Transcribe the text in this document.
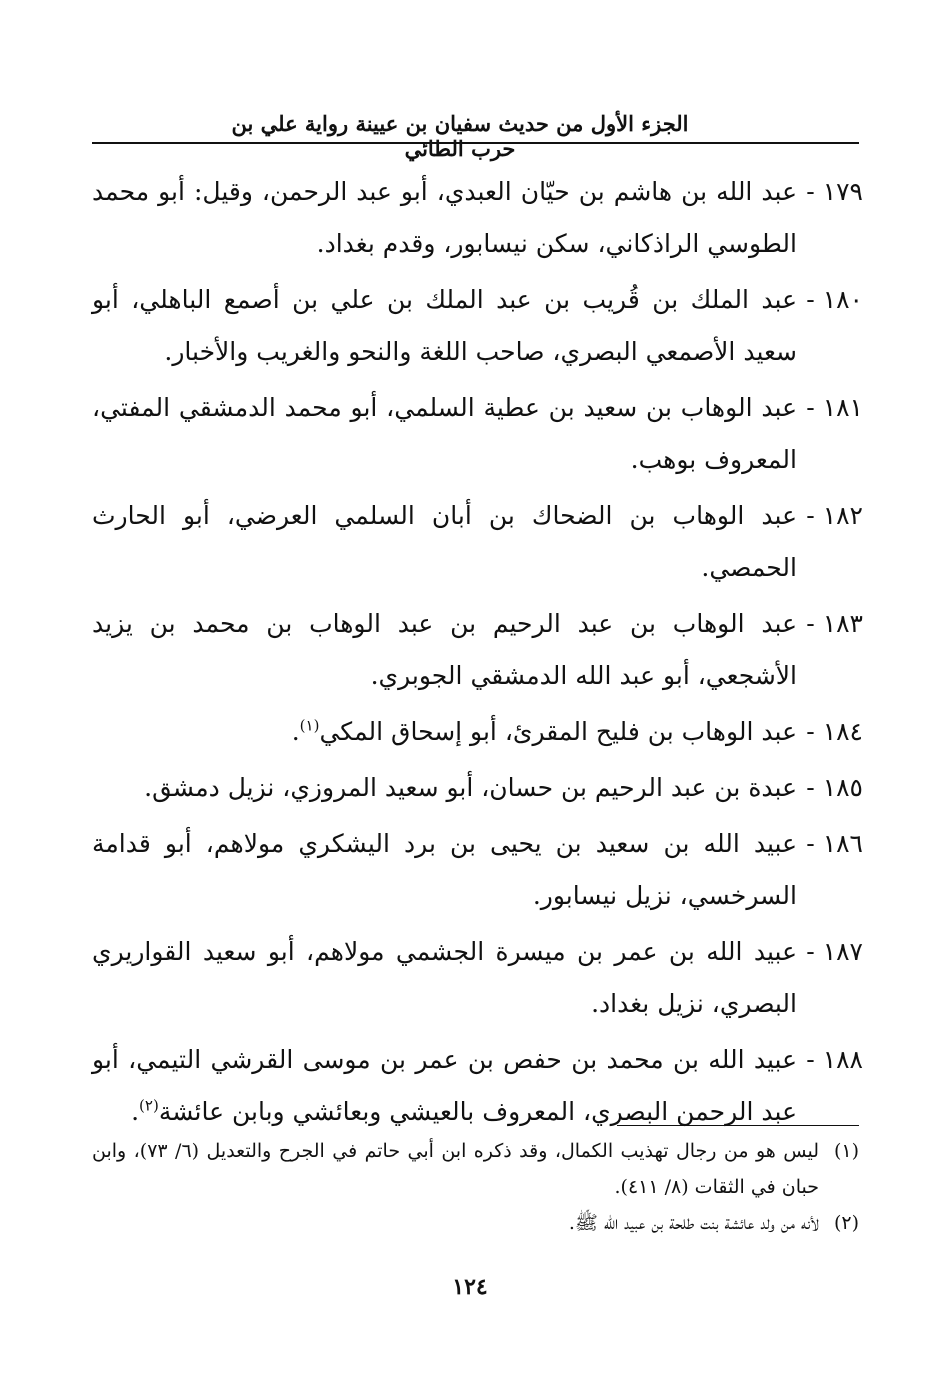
الجزء الأول من حديث سفيان بن عيينة رواية علي بن حرب الطائي
١٧٩ -
عبد الله بن هاشم بن حيّان العبدي، أبو عبد الرحمن، وقيل: أبو محمد الطوسي الراذكاني، سكن نيسابور، وقدم بغداد.
١٨٠ -
عبد الملك بن قُريب بن عبد الملك بن علي بن أصمع الباهلي، أبو سعيد الأصمعي البصري، صاحب اللغة والنحو والغريب والأخبار.
١٨١ -
عبد الوهاب بن سعيد بن عطية السلمي، أبو محمد الدمشقي المفتي، المعروف بوهب.
١٨٢ -
عبد الوهاب بن الضحاك بن أبان السلمي العرضي، أبو الحارث الحمصي.
١٨٣ -
عبد الوهاب بن عبد الرحيم بن عبد الوهاب بن محمد بن يزيد الأشجعي، أبو عبد الله الدمشقي الجوبري.
١٨٤ -
عبد الوهاب بن فليح المقرئ، أبو إسحاق المكي$^{(١)}$.
١٨٥ -
عبدة بن عبد الرحيم بن حسان، أبو سعيد المروزي، نزيل دمشق.
١٨٦ -
عبيد الله بن سعيد بن يحيى بن برد اليشكري مولاهم، أبو قدامة السرخسي، نزيل نيسابور.
١٨٧ -
عبيد الله بن عمر بن ميسرة الجشمي مولاهم، أبو سعيد القواريري البصري، نزيل بغداد.
١٨٨ -
عبيد الله بن محمد بن حفص بن عمر بن موسى القرشي التيمي، أبو عبد الرحمن البصري، المعروف بالعيشي وبعائشي وبابن عائشة$^{(٢)}$.
(١)
ليس هو من رجال تهذيب الكمال، وقد ذكره ابن أبي حاتم في الجرح والتعديل (٦/ ٧٣)، وابن حبان في الثقات (٨/ ٤١١).
(٢)
لأنه من ولد عائشة بنت طلحة بن عبيد الله ﷺ.
١٢٤
